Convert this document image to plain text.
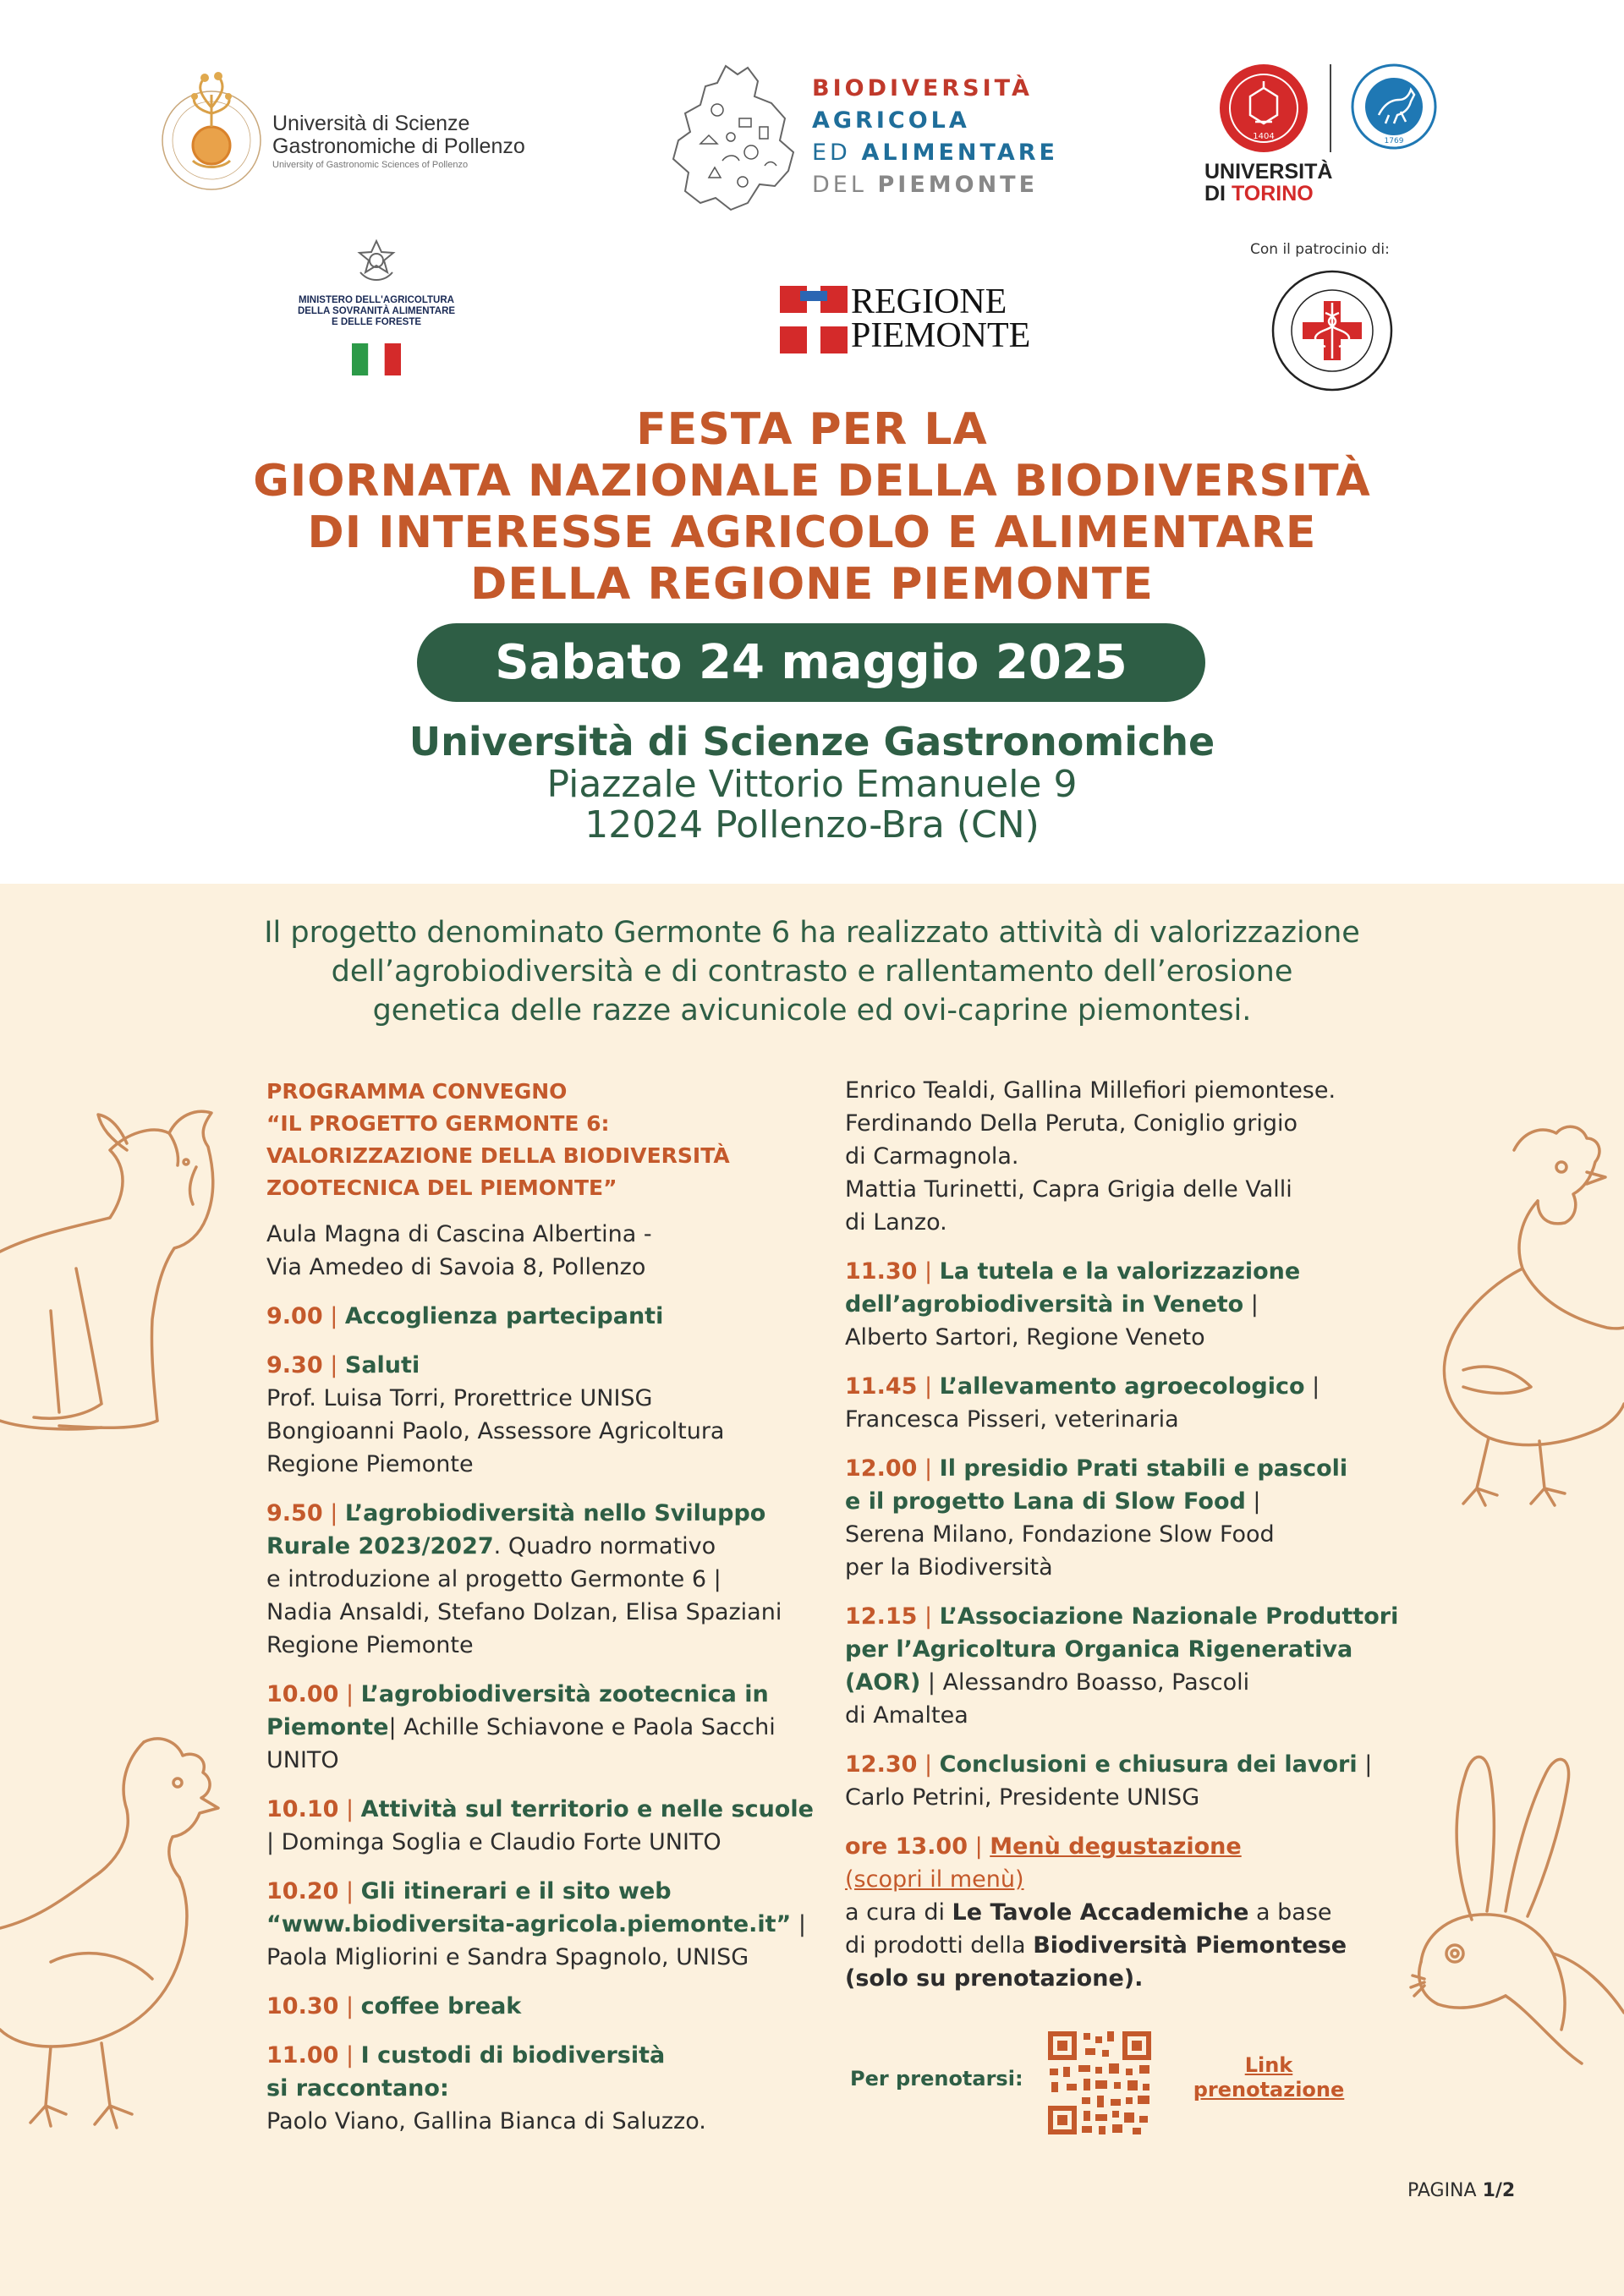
Università di Scienze
Gastronomiche di Pollenzo
University of Gastronomic Sciences of Pollenzo
BIODIVERSITÀ
AGRICOLA
ED ALIMENTARE
DEL PIEMONTE
1404	1769
UNIVERSITÀ
DI TORINO
Con il patrocinio di:
MINISTERO DELL'AGRICOLTURA
DELLA SOVRANITÀ ALIMENTARE
E DELLE FORESTE
REGIONE
PIEMONTE
FESTA PER LA
GIORNATA NAZIONALE DELLA BIODIVERSITÀ
DI INTERESSE AGRICOLO E ALIMENTARE
DELLA REGIONE PIEMONTE
Sabato 24 maggio 2025
Università di Scienze Gastronomiche
Piazzale Vittorio Emanuele 9
12024 Pollenzo-Bra (CN)
Il progetto denominato Germonte 6 ha realizzato attività di valorizzazione
dell’agrobiodiversità e di contrasto e rallentamento dell’erosione
genetica delle razze avicunicole ed ovi-caprine piemontesi.
PROGRAMMA CONVEGNO
“IL PROGETTO GERMONTE 6:
VALORIZZAZIONE DELLA BIODIVERSITÀ
ZOOTECNICA DEL PIEMONTE”
Aula Magna di Cascina Albertina -
Via Amedeo di Savoia 8, Pollenzo
9.00 | Accoglienza partecipanti
9.30 | Saluti
Prof. Luisa Torri, Prorettrice UNISG
Bongioanni Paolo, Assessore Agricoltura
Regione Piemonte
9.50 | L’agrobiodiversità nello Sviluppo
Rurale 2023/2027. Quadro normativo
e introduzione al progetto Germonte 6 |
Nadia Ansaldi, Stefano Dolzan, Elisa Spaziani
Regione Piemonte
10.00 | L’agrobiodiversità zootecnica in
Piemonte| Achille Schiavone e Paola Sacchi
UNITO
10.10 | Attività sul territorio e nelle scuole
| Dominga Soglia e Claudio Forte UNITO
10.20 | Gli itinerari e il sito web
“www.biodiversita-agricola.piemonte.it” |
Paola Migliorini e Sandra Spagnolo, UNISG
10.30 | coffee break
11.00 | I custodi di biodiversità
si raccontano:
Paolo Viano, Gallina Bianca di Saluzzo.
Enrico Tealdi, Gallina Millefiori piemontese.
Ferdinando Della Peruta, Coniglio grigio
di Carmagnola.
Mattia Turinetti, Capra Grigia delle Valli
di Lanzo.
11.30 | La tutela e la valorizzazione
dell’agrobiodiversità in Veneto |
Alberto Sartori, Regione Veneto
11.45 | L’allevamento agroecologico |
Francesca Pisseri, veterinaria
12.00 | Il presidio Prati stabili e pascoli
e il progetto Lana di Slow Food |
Serena Milano, Fondazione Slow Food
per la Biodiversità
12.15 | L’Associazione Nazionale Produttori
per l’Agricoltura Organica Rigenerativa
(AOR) | Alessandro Boasso, Pascoli
di Amaltea
12.30 | Conclusioni e chiusura dei lavori |
Carlo Petrini, Presidente UNISG
ore 13.00 | Menù degustazione
(scopri il menù)
a cura di Le Tavole Accademiche a base
di prodotti della Biodiversità Piemontese
(solo su prenotazione).
Per prenotarsi:
Link
prenotazione
PAGINA 1/2
